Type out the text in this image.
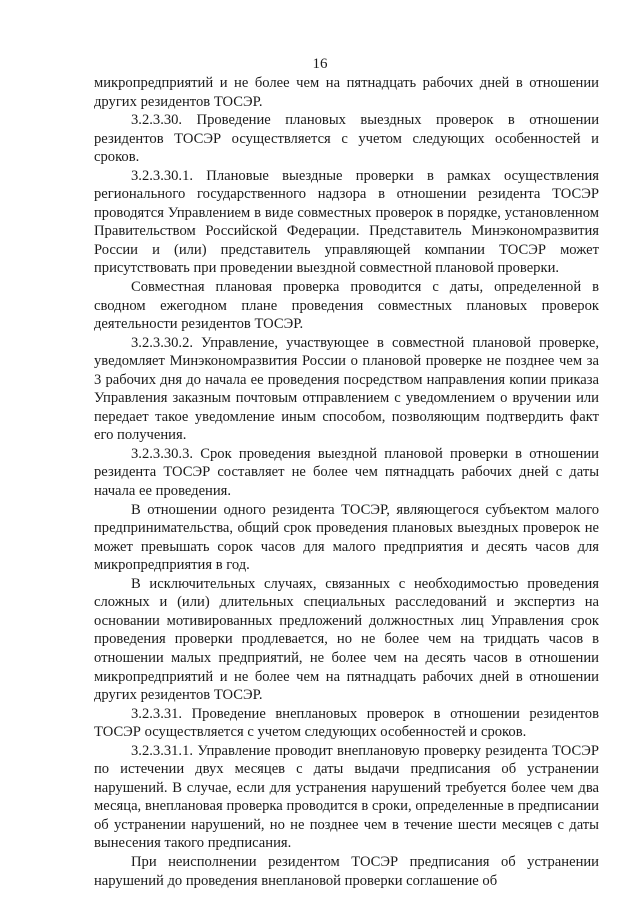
16

микропредприятий и не более чем на пятнадцать рабочих дней в отношении других резидентов ТОСЭР.

3.2.3.30. Проведение плановых выездных проверок в отношении резидентов ТОСЭР осуществляется с учетом следующих особенностей и сроков.

3.2.3.30.1. Плановые выездные проверки в рамках осуществления регионального государственного надзора в отношении резидента ТОСЭР проводятся Управлением в виде совместных проверок в порядке, установленном Правительством Российской Федерации. Представитель Минэкономразвития России и (или) представитель управляющей компании ТОСЭР может присутствовать при проведении выездной совместной плановой проверки.

Совместная плановая проверка проводится с даты, определенной в сводном ежегодном плане проведения совместных плановых проверок деятельности резидентов ТОСЭР.

3.2.3.30.2. Управление, участвующее в совместной плановой проверке, уведомляет Минэкономразвития России о плановой проверке не позднее чем за 3 рабочих дня до начала ее проведения посредством направления копии приказа Управления заказным почтовым отправлением с уведомлением о вручении или передает такое уведомление иным способом, позволяющим подтвердить факт его получения.

3.2.3.30.3. Срок проведения выездной плановой проверки в отношении резидента ТОСЭР составляет не более чем пятнадцать рабочих дней с даты начала ее проведения.

В отношении одного резидента ТОСЭР, являющегося субъектом малого предпринимательства, общий срок проведения плановых выездных проверок не может превышать сорок часов для малого предприятия и десять часов для микропредприятия в год.

В исключительных случаях, связанных с необходимостью проведения сложных и (или) длительных специальных расследований и экспертиз на основании мотивированных предложений должностных лиц Управления срок проведения проверки продлевается, но не более чем на тридцать часов в отношении малых предприятий, не более чем на десять часов в отношении микропредприятий и не более чем на пятнадцать рабочих дней в отношении других резидентов ТОСЭР.

3.2.3.31. Проведение внеплановых проверок в отношении резидентов ТОСЭР осуществляется с учетом следующих особенностей и сроков.

3.2.3.31.1. Управление проводит внеплановую проверку резидента ТОСЭР по истечении двух месяцев с даты выдачи предписания об устранении нарушений. В случае, если для устранения нарушений требуется более чем два месяца, внеплановая проверка проводится в сроки, определенные в предписании об устранении нарушений, но не позднее чем в течение шести месяцев с даты вынесения такого предписания.

При неисполнении резидентом ТОСЭР предписания об устранении нарушений до проведения внеплановой проверки соглашение об
